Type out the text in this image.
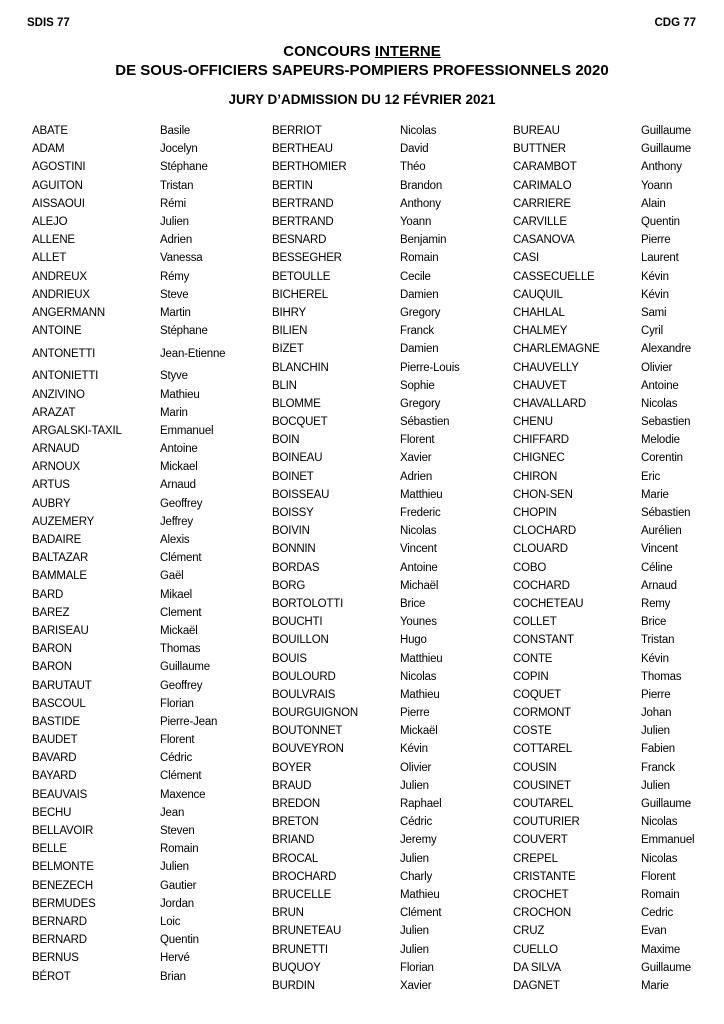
SDIS 77	CDG 77
CONCOURS INTERNE
DE SOUS-OFFICIERS SAPEURS-POMPIERS PROFESSIONNELS 2020
JURY D’ADMISSION DU 12 FÉVRIER 2021
ABATE	Basile
ADAM	Jocelyn
AGOSTINI	Stéphane
AGUITON	Tristan
AISSAOUI	Rémi
ALEJO	Julien
ALLENE	Adrien
ALLET	Vanessa
ANDREUX	Rémy
ANDRIEUX	Steve
ANGERMANN	Martin
ANTOINE	Stéphane
ANTONETTI	Jean-Etienne
ANTONIETTI	Styve
ANZIVINO	Mathieu
ARAZAT	Marin
ARGALSKI-TAXIL	Emmanuel
ARNAUD	Antoine
ARNOUX	Mickael
ARTUS	Arnaud
AUBRY	Geoffrey
AUZEMERY	Jeffrey
BADAIRE	Alexis
BALTAZAR	Clément
BAMMALE	Gaël
BARD	Mikael
BAREZ	Clement
BARISEAU	Mickaël
BARON	Thomas
BARON	Guillaume
BARUTAUT	Geoffrey
BASCOUL	Florian
BASTIDE	Pierre-Jean
BAUDET	Florent
BAVARD	Cédric
BAYARD	Clément
BEAUVAIS	Maxence
BECHU	Jean
BELLAVOIR	Steven
BELLE	Romain
BELMONTE	Julien
BENEZECH	Gautier
BERMUDES	Jordan
BERNARD	Loic
BERNARD	Quentin
BERNUS	Hervé
BÉROT	Brian
BERRIOT	Nicolas
BERTHEAU	David
BERTHOMIER	Théo
BERTIN	Brandon
BERTRAND	Anthony
BERTRAND	Yoann
BESNARD	Benjamin
BESSEGHER	Romain
BETOULLE	Cecile
BICHEREL	Damien
BIHRY	Gregory
BILIEN	Franck
BIZET	Damien
BLANCHIN	Pierre-Louis
BLIN	Sophie
BLOMME	Gregory
BOCQUET	Sébastien
BOIN	Florent
BOINEAU	Xavier
BOINET	Adrien
BOISSEAU	Matthieu
BOISSY	Frederic
BOIVIN	Nicolas
BONNIN	Vincent
BORDAS	Antoine
BORG	Michaël
BORTOLOTTI	Brice
BOUCHTI	Younes
BOUILLON	Hugo
BOUIS	Matthieu
BOULOURD	Nicolas
BOULVRAIS	Mathieu
BOURGUIGNON	Pierre
BOUTONNET	Mickaël
BOUVEYRON	Kévin
BOYER	Olivier
BRAUD	Julien
BREDON	Raphael
BRETON	Cédric
BRIAND	Jeremy
BROCAL	Julien
BROCHARD	Charly
BRUCELLE	Mathieu
BRUN	Clément
BRUNETEAU	Julien
BRUNETTI	Julien
BUQUOY	Florian
BURDIN	Xavier
BUREAU	Guillaume
BUTTNER	Guillaume
CARAMBOT	Anthony
CARIMALO	Yoann
CARRIERE	Alain
CARVILLE	Quentin
CASANOVA	Pierre
CASI	Laurent
CASSECUELLE	Kévin
CAUQUIL	Kévin
CHAHLAL	Sami
CHALMEY	Cyril
CHARLEMAGNE	Alexandre
CHAUVELLY	Olivier
CHAUVET	Antoine
CHAVALLARD	Nicolas
CHENU	Sebastien
CHIFFARD	Melodie
CHIGNEC	Corentin
CHIRON	Eric
CHON-SEN	Marie
CHOPIN	Sébastien
CLOCHARD	Aurélien
CLOUARD	Vincent
COBO	Céline
COCHARD	Arnaud
COCHETEAU	Remy
COLLET	Brice
CONSTANT	Tristan
CONTE	Kévin
COPIN	Thomas
COQUET	Pierre
CORMONT	Johan
COSTE	Julien
COTTAREL	Fabien
COUSIN	Franck
COUSINET	Julien
COUTAREL	Guillaume
COUTURIER	Nicolas
COUVERT	Emmanuel
CREPEL	Nicolas
CRISTANTE	Florent
CROCHET	Romain
CROCHON	Cedric
CRUZ	Evan
CUELLO	Maxime
DA SILVA	Guillaume
DAGNET	Marie
